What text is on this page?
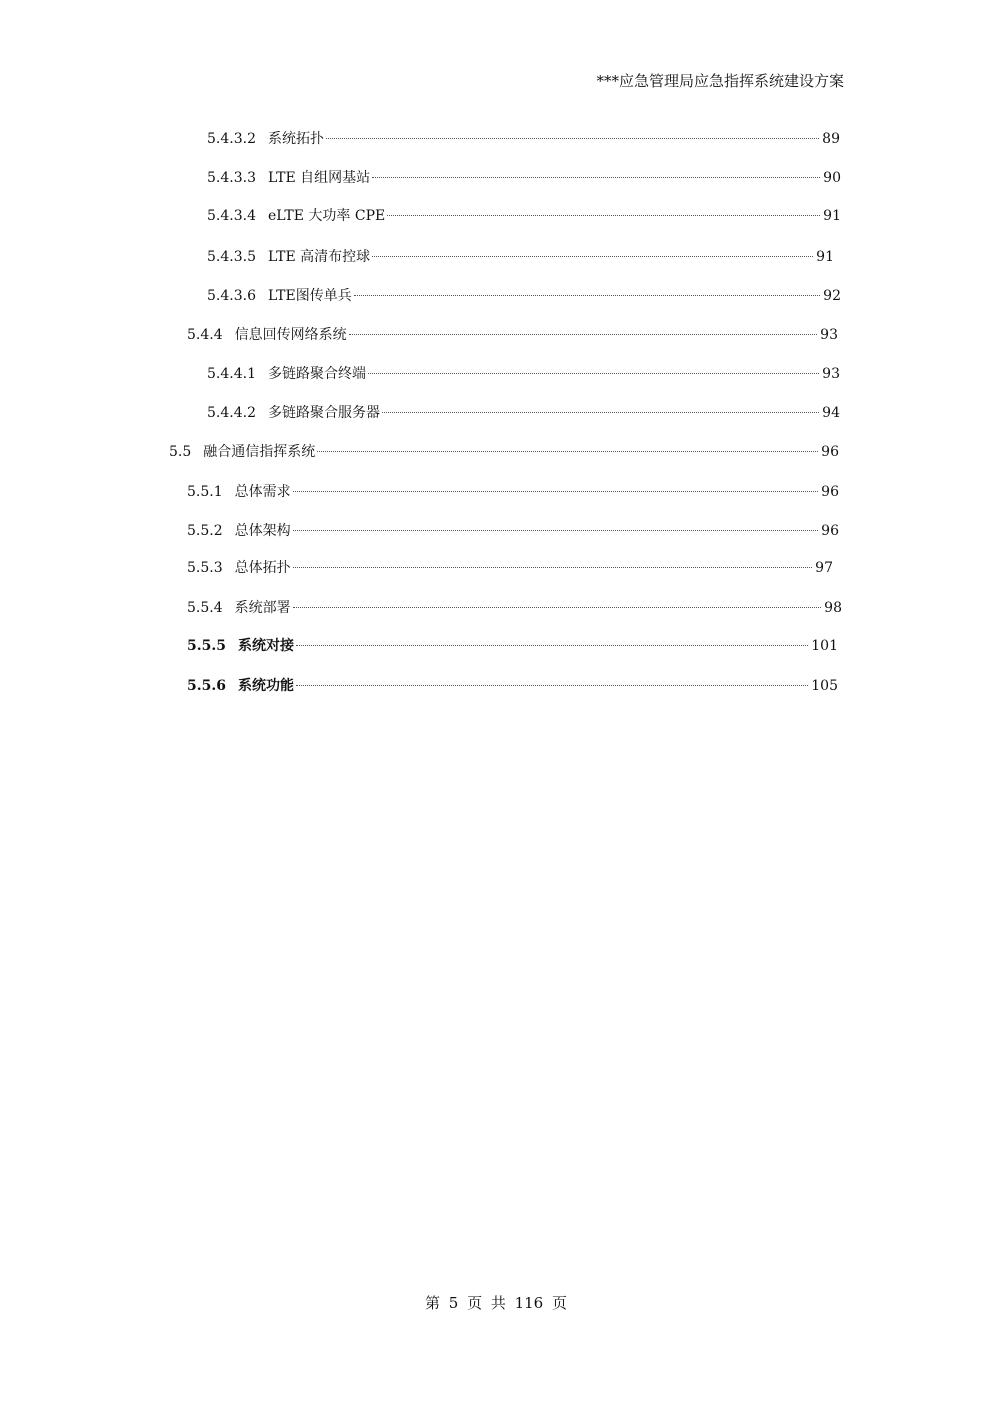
***应急管理局应急指挥系统建设方案
5.4.3.2 系统拓扑	89
5.4.3.3 LTE 自组网基站	90
5.4.3.4 eLTE 大功率 CPE	91
5.4.3.5 LTE 高清布控球	91
5.4.3.6 LTE图传单兵	92
5.4.4 信息回传网络系统	93
5.4.4.1 多链路聚合终端	93
5.4.4.2 多链路聚合服务器	94
5.5 融合通信指挥系统	96
5.5.1 总体需求	96
5.5.2 总体架构	96
5.5.3 总体拓扑	97
5.5.4 系统部署	98
5.5.5 系统对接	101
5.5.6 系统功能	105
第 5 页 共 116 页
